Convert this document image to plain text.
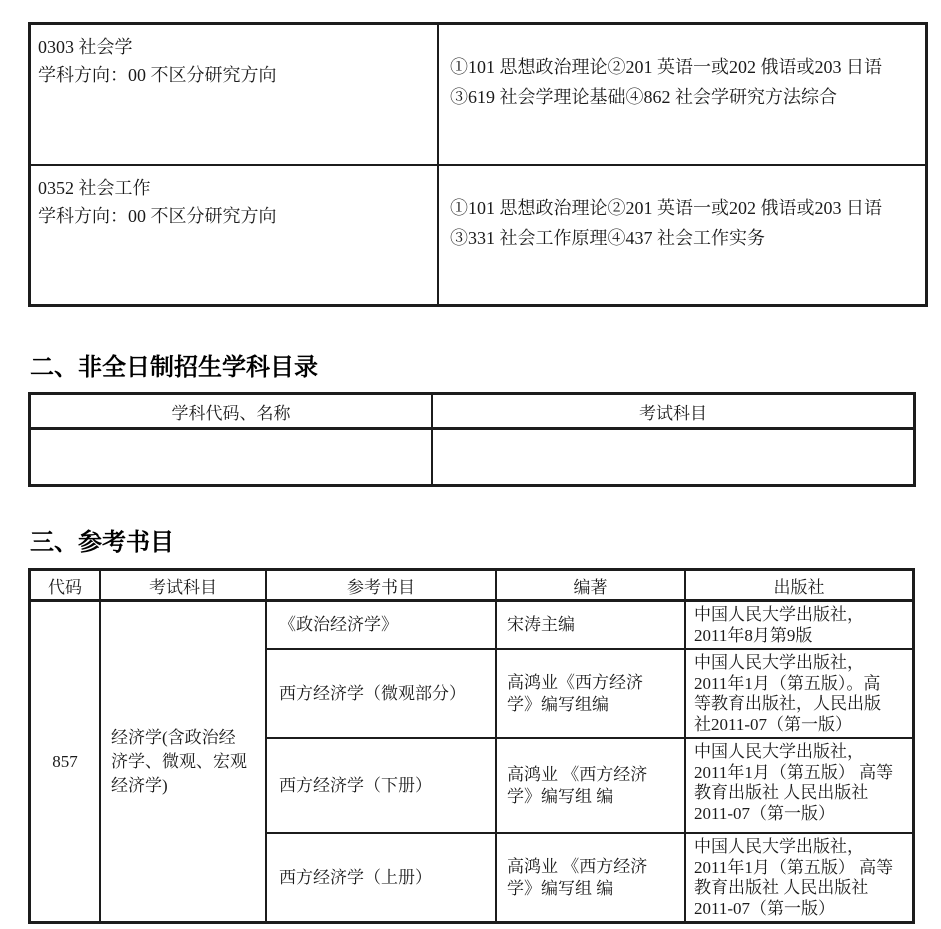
0303 社会学
学科方向：00 不区分研究方向	①101 思想政治理论②201 英语一或202 俄语或203 日语
③619 社会学理论基础④862 社会学研究方法综合

0352 社会工作
学科方向：00 不区分研究方向	①101 思想政治理论②201 英语一或202 俄语或203 日语
③331 社会工作原理④437 社会工作实务
二、非全日制招生学科目录
学科代码、名称	考试科目

三、参考书目
代码	考试科目	参考书目	编著	出版社
857	经济学(含政治经济学、微观、宏观经济学)	《政治经济学》	宋涛主编	中国人民大学出版社，2011年8月第9版
		西方经济学（微观部分）	高鸿业《西方经济学》编写组编	中国人民大学出版社，2011年1月（第五版）。高等教育出版社，人民出版社2011-07（第一版）
		西方经济学（下册）	高鸿业 《西方经济学》编写组 编	中国人民大学出版社，2011年1月（第五版） 高等教育出版社 人民出版社2011-07（第一版）
		西方经济学（上册）	高鸿业 《西方经济学》编写组 编	中国人民大学出版社，2011年1月（第五版） 高等教育出版社 人民出版社2011-07（第一版）
